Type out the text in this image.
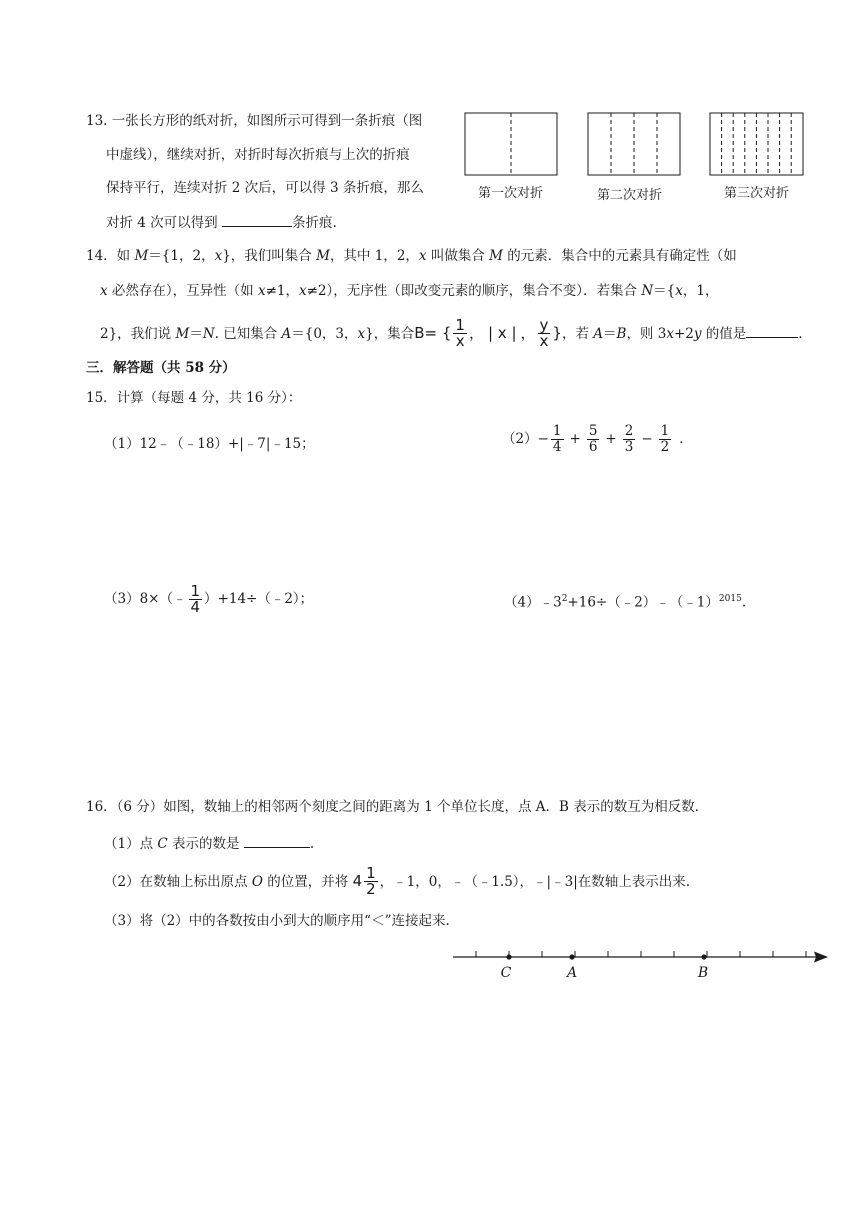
13. 一张长方形的纸对折，如图所示可得到一条折痕（图
中虚线），继续对折，对折时每次折痕与上次的折痕
保持平行，连续对折 2 次后，可以得 3 条折痕，那么
对折 4 次可以得到	条折痕.
第一次对折	第二次对折	第三次对折
14．如 M＝{1，2，x}，我们叫集合 M，其中 1，2，x 叫做集合 M 的元素．集合中的元素具有确定性（如
x 必然存在），互异性（如 x≠1，x≠2），无序性（即改变元素的顺序，集合不变）．若集合 N＝{x，1，
2}，我们说 M＝N. 已知集合 A＝{0，3，x}，集合B= { $\frac{1}{x}$ ， | x | ， $\frac{y}{x}$ }，若 A＝B，则 3x+2y 的值是	.
三．解答题（共 58 分）
15．计算（每题 4 分，共 16 分）：
（1）12﹣（﹣18）+|﹣7|﹣15；	$(2)- \frac{1}{4} + \frac{5}{6} + \frac{2}{3} - \frac{1}{2}$ ．
（3）8×（﹣ $\frac{1}{4}$ ）+14÷（﹣2）；	$(4)﹣3^2+16\div(﹣2)﹣(﹣1)^{2015}$.
16．（6 分）如图，数轴上的相邻两个刻度之间的距离为 1 个单位长度，点 A．B 表示的数互为相反数．
（1）点 C 表示的数是	.
（2）在数轴上标出原点 O 的位置，并将 $4 \frac{1}{2}$ ，﹣1，0，﹣（﹣1.5），﹣|﹣3|在数轴上表示出来.
（3）将（2）中的各数按由小到大的顺序用“＜”连接起来.
C	A	B
